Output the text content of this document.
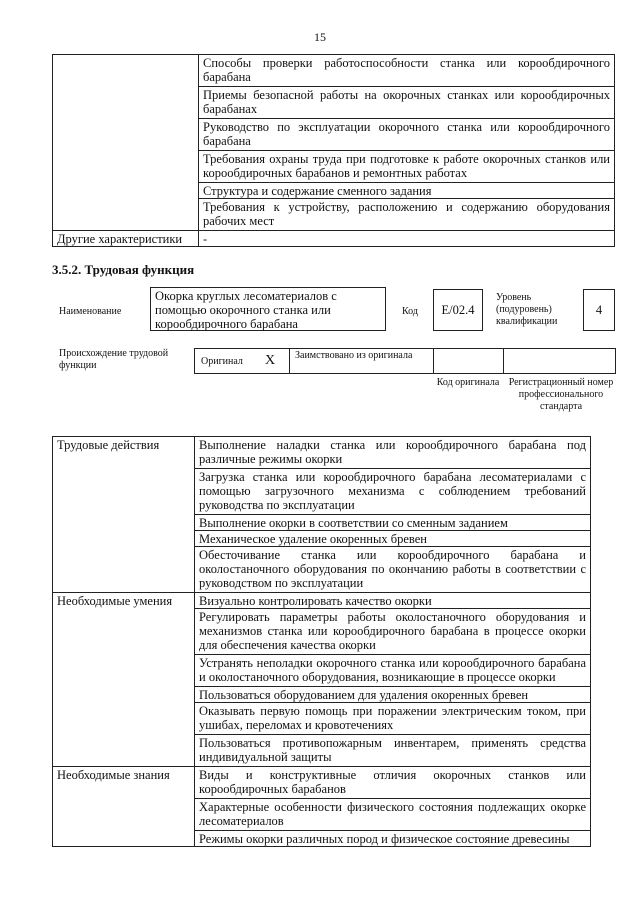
15
	Способы проверки работоспособности станка или корообдирочного барабана
	Приемы безопасной работы на окорочных станках или корообдирочных барабанах
	Руководство по эксплуатации окорочного станка или корообдирочного барабана
	Требования охраны труда при подготовке к работе окорочных станков или корообдирочных барабанов и ремонтных работах
	Структура и содержание сменного задания
	Требования к устройству, расположению и содержанию оборудования рабочих мест
Другие характеристики	-
3.5.2. Трудовая функция
Наименование
Окорка круглых лесоматериалов с помощью окорочного станка или корообдирочного барабана
Код	E/02.4
Уровень (подуровень) квалификации
4
Происхождение трудовой функции	Оригинал X Заимствовано из оригинала
Код оригинала Регистрационный номер профессионального стандарта
Трудовые действия	Выполнение наладки станка или корообдирочного барабана под различные режимы окорки
	Загрузка станка или корообдирочного барабана лесоматериалами с помощью загрузочного механизма с соблюдением требований руководства по эксплуатации
	Выполнение окорки в соответствии со сменным заданием
	Механическое удаление окоренных бревен
	Обесточивание станка или корообдирочного барабана и околостаночного оборудования по окончанию работы в соответствии с руководством по эксплуатации
Необходимые умения	Визуально контролировать качество окорки
	Регулировать параметры работы околостаночного оборудования и механизмов станка или корообдирочного барабана в процессе окорки для обеспечения качества окорки
	Устранять неполадки окорочного станка или корообдирочного барабана и околостаночного оборудования, возникающие в процессе окорки
	Пользоваться оборудованием для удаления окоренных бревен
	Оказывать первую помощь при поражении электрическим током, при ушибах, переломах и кровотечениях
	Пользоваться противопожарным инвентарем, применять средства индивидуальной защиты
Необходимые знания	Виды и конструктивные отличия окорочных станков или корообдирочных барабанов
	Характерные особенности физического состояния подлежащих окорке лесоматериалов
	Режимы окорки различных пород и физическое состояние древесины
